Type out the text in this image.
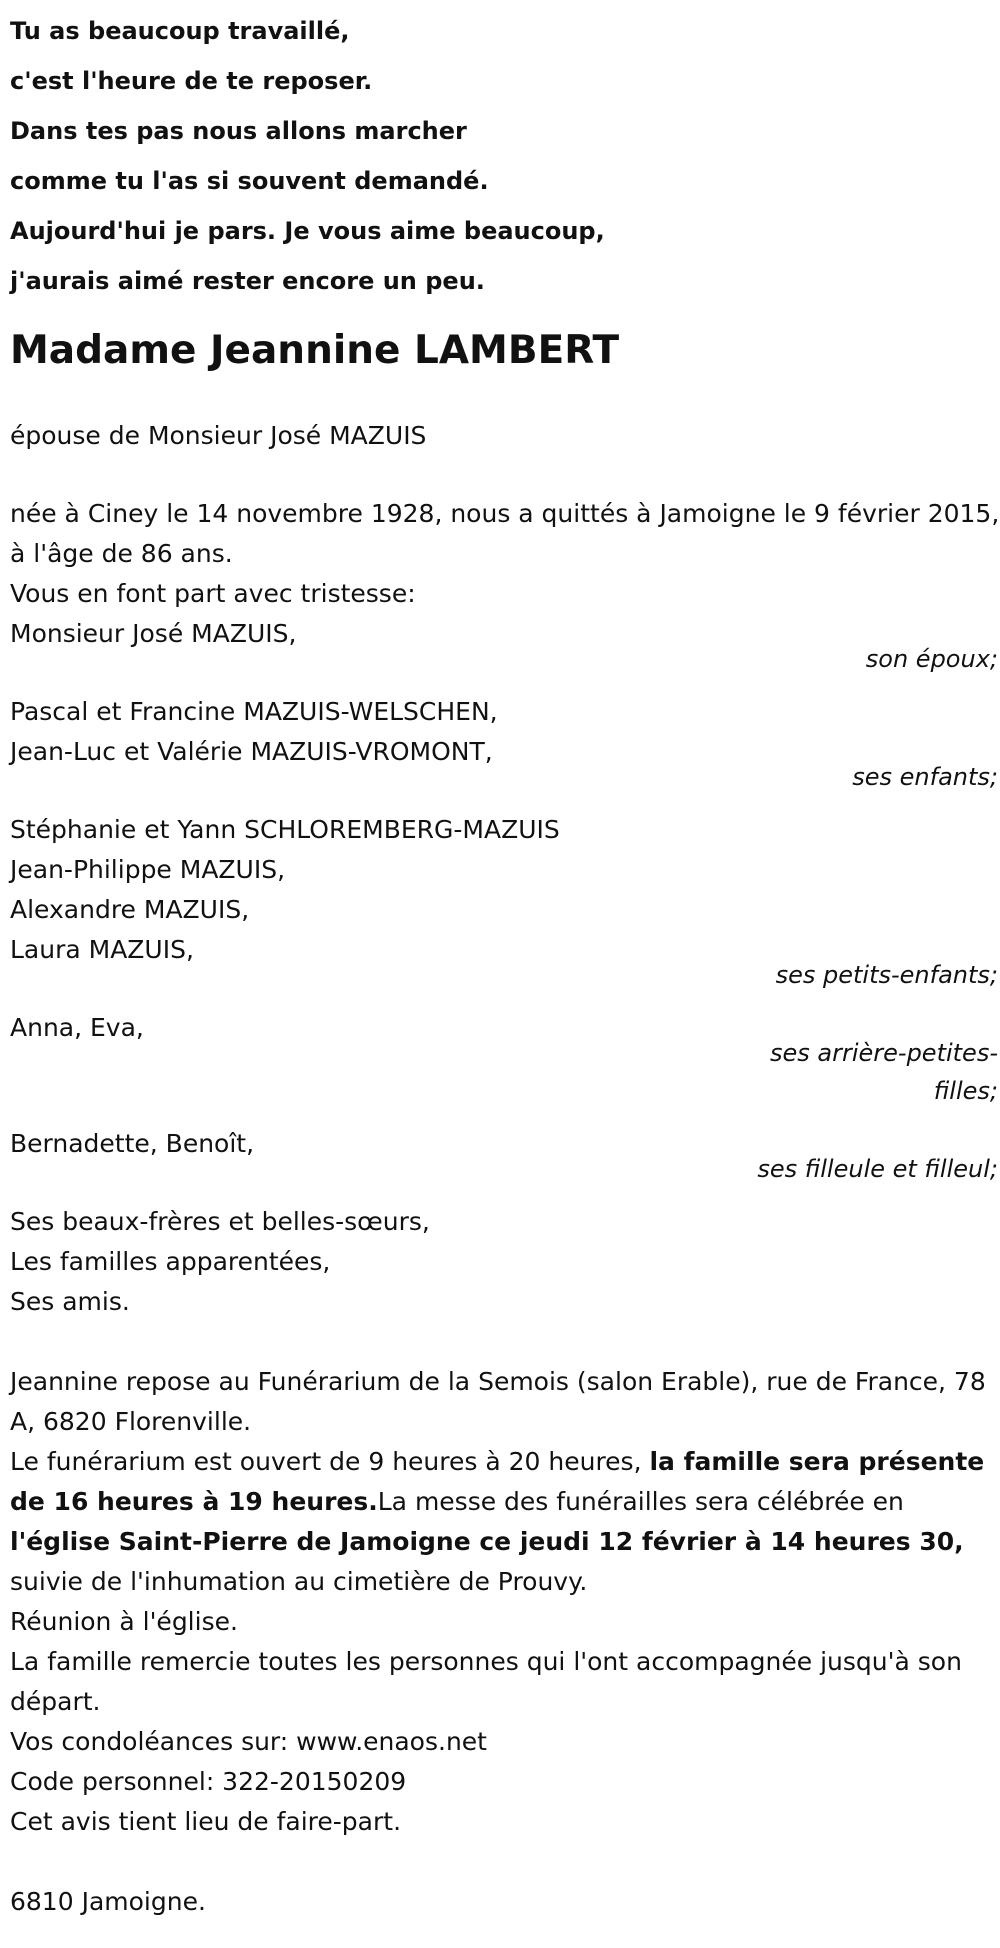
Tu as beaucoup travaillé,

c'est l'heure de te reposer.

Dans tes pas nous allons marcher

comme tu l'as si souvent demandé.

Aujourd'hui je pars. Je vous aime beaucoup,

j'aurais aimé rester encore un peu.

Madame Jeannine LAMBERT

épouse de Monsieur José MAZUIS

née à Ciney le 14 novembre 1928, nous a quittés à Jamoigne le 9 février 2015, à l'âge de 86 ans.

Vous en font part avec tristesse:

Monsieur José MAZUIS,
son époux;
Pascal et Francine MAZUIS-WELSCHEN,
Jean-Luc et Valérie MAZUIS-VROMONT,
ses enfants;
Stéphanie et Yann SCHLOREMBERG-MAZUIS
Jean-Philippe MAZUIS,
Alexandre MAZUIS,
Laura MAZUIS,
ses petits-enfants;
Anna, Eva,
ses arrière-petites-filles;
Bernadette, Benoît,
ses filleule et filleul;
Ses beaux-frères et belles-sœurs,
Les familles apparentées,
Ses amis.

Jeannine repose au Funérarium de la Semois (salon Erable), rue de France, 78 A, 6820 Florenville.

Le funérarium est ouvert de 9 heures à 20 heures, la famille sera présente de 16 heures à 19 heures.La messe des funérailles sera célébrée en l'église Saint-Pierre de Jamoigne ce jeudi 12 février à 14 heures 30, suivie de l'inhumation au cimetière de Prouvy.

Réunion à l'église.

La famille remercie toutes les personnes qui l'ont accompagnée jusqu'à son départ.

Vos condoléances sur: www.enaos.net

Code personnel: 322-20150209

Cet avis tient lieu de faire-part.

6810 Jamoigne.
